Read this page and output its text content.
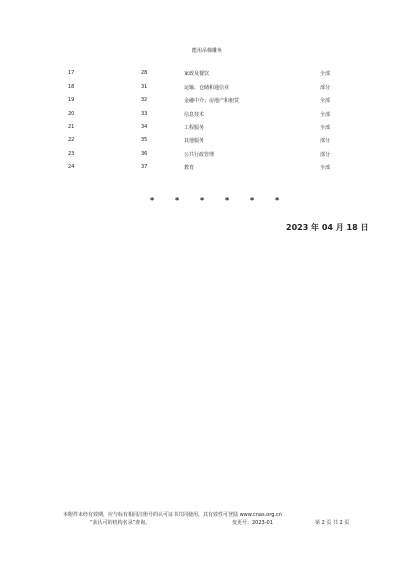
能用吊梯雕奂
17	28	家政及餐饮	全部
18	31	运输、仓储和通信业	部分
19	32	金融中介；房地产和租赁	全部
20	33	信息技术	全部
21	34	工程服务	全部
22	35	其他服务	部分
23	36	公共行政管理	部分
24	37	教育	全部
*	*	*	*	*	*
2023 年 04 月 18 日
本附件未经有效期，应与标有相同注册号的认可证书共同使用，其有效性可登陆 www.cnas.org.cn
“获认可的机构名录”查询。	变更号：2023-01	第 2 页 共 2 页
